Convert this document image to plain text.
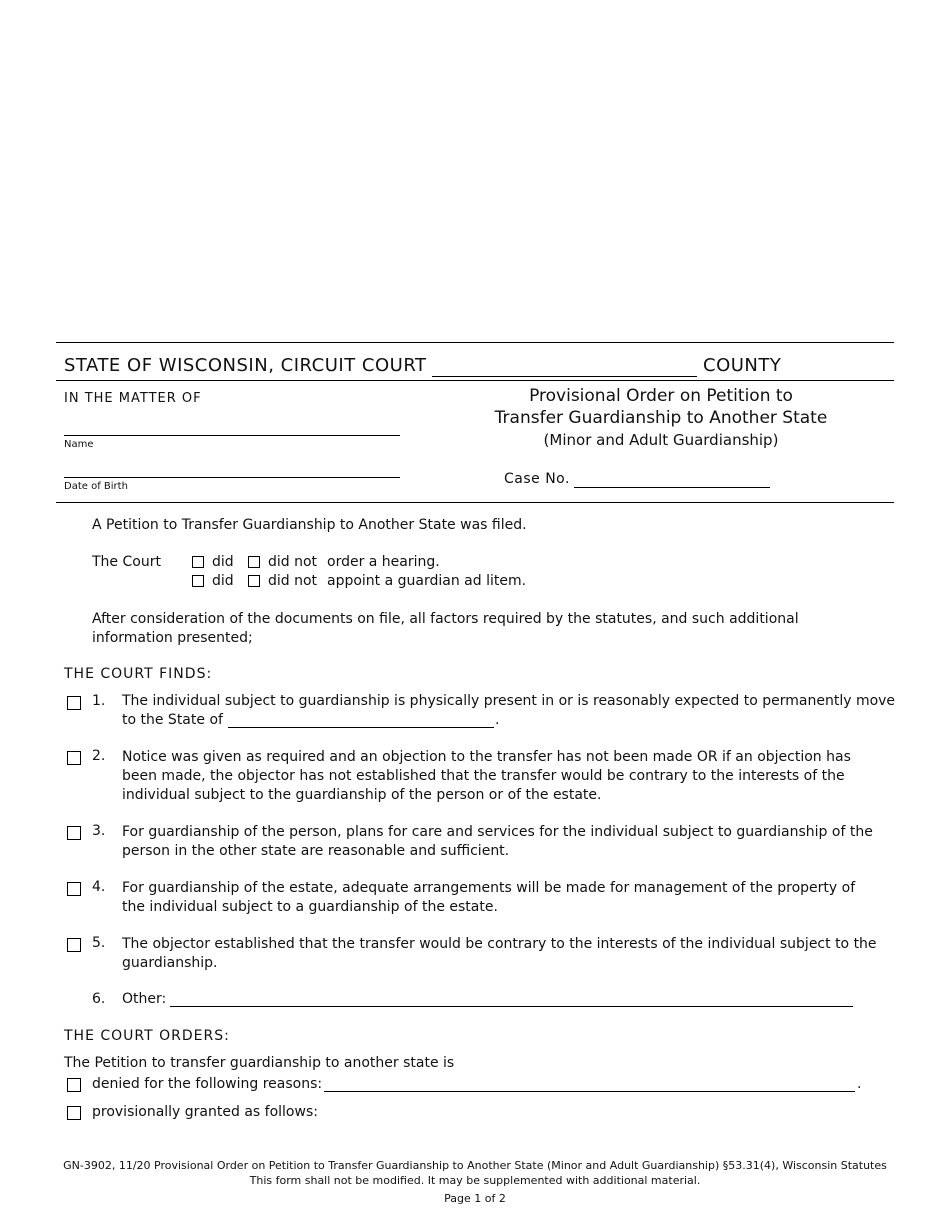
STATE OF WISCONSIN, CIRCUIT COURT	COUNTY
IN THE MATTER OF
Name
Date of Birth
Provisional Order on Petition to
Transfer Guardianship to Another State
(Minor and Adult Guardianship)
Case No.
A Petition to Transfer Guardianship to Another State was filed.
The Court	did did not order a hearing.
did did not appoint a guardian ad litem.
After consideration of the documents on file, all factors required by the statutes, and such additional information presented;
THE COURT FINDS:
1. The individual subject to guardianship is physically present in or is reasonably expected to permanently move
to the State of	.
2. Notice was given as required and an objection to the transfer has not been made OR if an objection has been made, the objector has not established that the transfer would be contrary to the interests of the individual subject to the guardianship of the person or of the estate.
3. For guardianship of the person, plans for care and services for the individual subject to guardianship of the person in the other state are reasonable and sufficient.
4. For guardianship of the estate, adequate arrangements will be made for management of the property of the individual subject to a guardianship of the estate.
5. The objector established that the transfer would be contrary to the interests of the individual subject to the guardianship.
6. Other:
THE COURT ORDERS:
The Petition to transfer guardianship to another state is
denied for the following reasons:	.
provisionally granted as follows:
GN-3902, 11/20 Provisional Order on Petition to Transfer Guardianship to Another State (Minor and Adult Guardianship) §53.31(4), Wisconsin Statutes
This form shall not be modified. It may be supplemented with additional material.
Page 1 of 2
